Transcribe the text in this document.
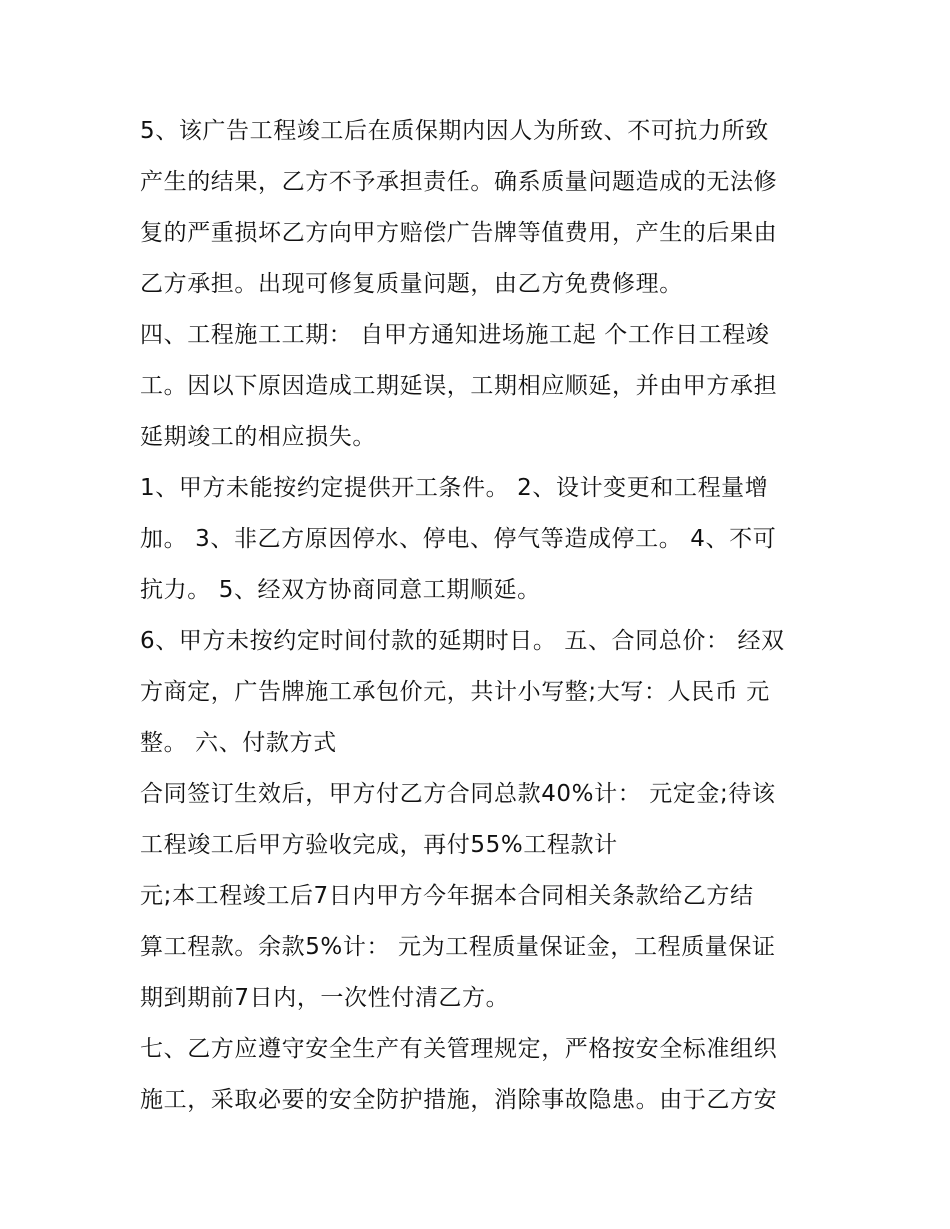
5、该广告工程竣工后在质保期内因人为所致、不可抗力所致
产生的结果，乙方不予承担责任。确系质量问题造成的无法修
复的严重损坏乙方向甲方赔偿广告牌等值费用，产生的后果由
乙方承担。出现可修复质量问题，由乙方免费修理。
四、工程施工工期： 自甲方通知进场施工起 个工作日工程竣
工。因以下原因造成工期延误，工期相应顺延，并由甲方承担
延期竣工的相应损失。
1、甲方未能按约定提供开工条件。 2、设计变更和工程量增
加。 3、非乙方原因停水、停电、停气等造成停工。 4、不可
抗力。 5、经双方协商同意工期顺延。
6、甲方未按约定时间付款的延期时日。 五、合同总价： 经双
方商定，广告牌施工承包价元，共计小写整;大写：人民币 元
整。 六、付款方式
合同签订生效后，甲方付乙方合同总款40%计： 元定金;待该
工程竣工后甲方验收完成，再付55%工程款计
元;本工程竣工后7日内甲方今年据本合同相关条款给乙方结
算工程款。余款5%计： 元为工程质量保证金，工程质量保证
期到期前7日内，一次性付清乙方。
七、乙方应遵守安全生产有关管理规定，严格按安全标准组织
施工，采取必要的安全防护措施，消除事故隐患。由于乙方安
